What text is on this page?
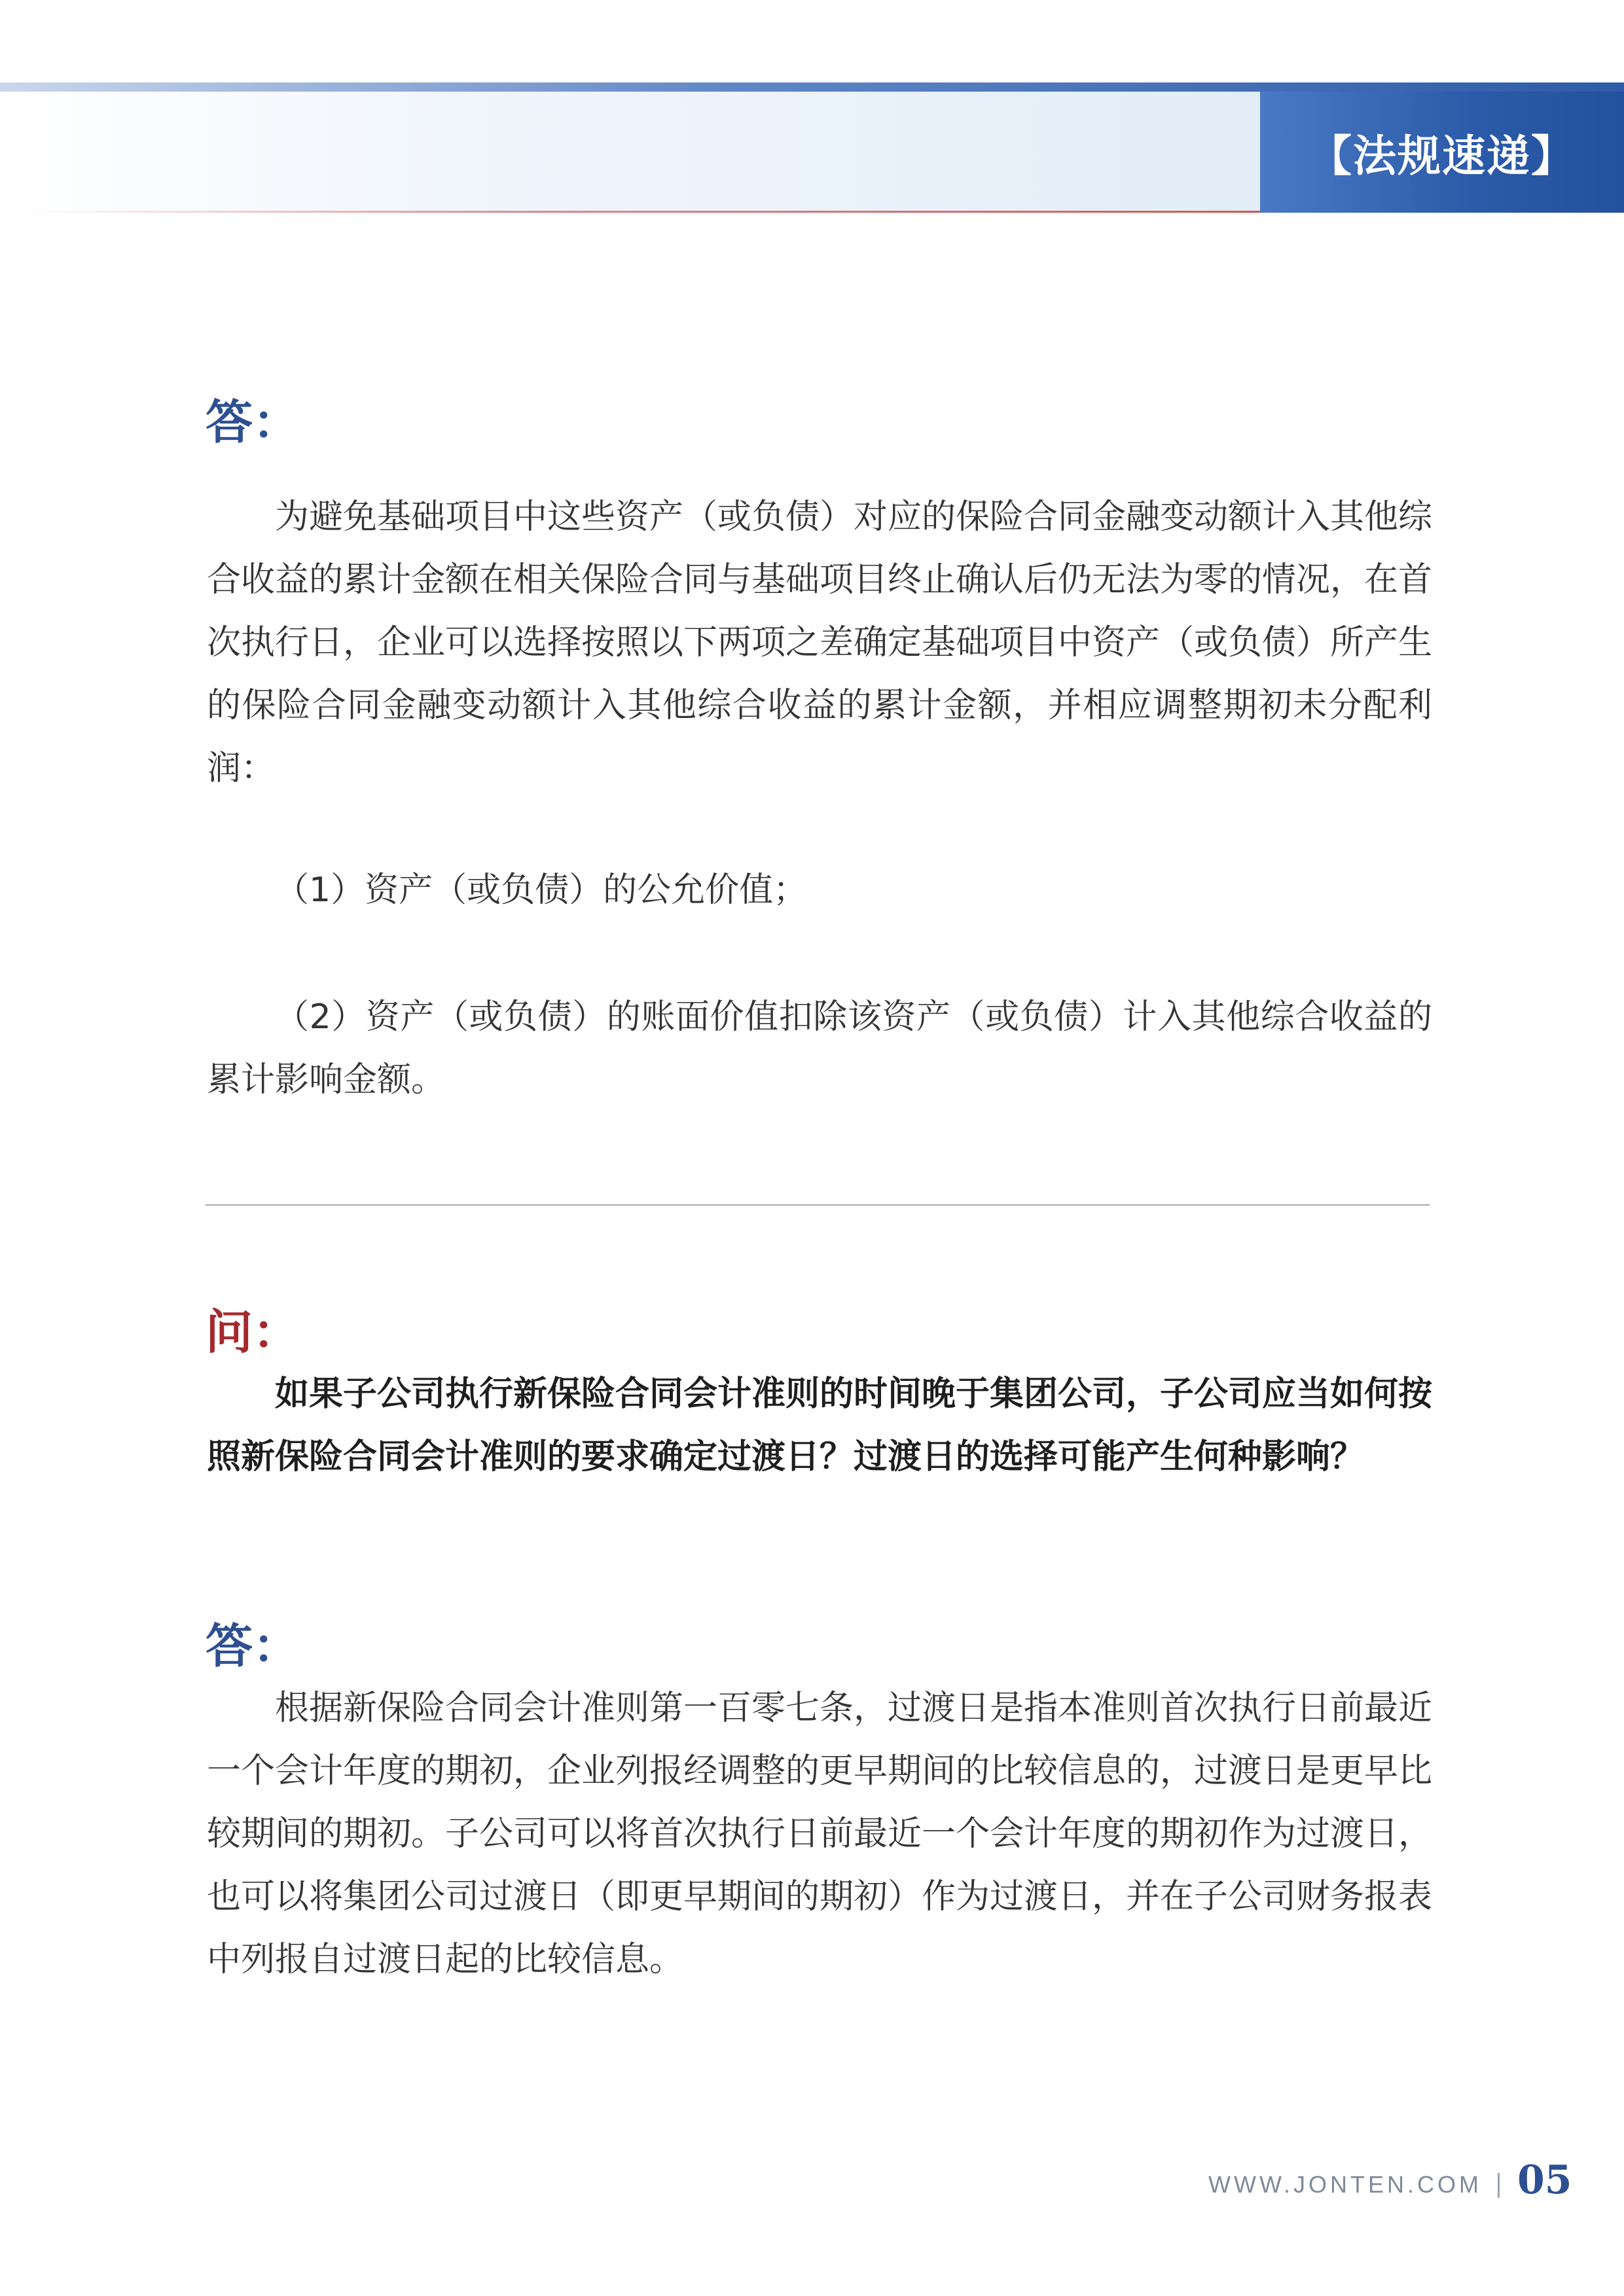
【法规速递】
答：

为避免基础项目中这些资产（或负债）对应的保险合同金融变动额计入其他综合收益的累计金额在相关保险合同与基础项目终止确认后仍无法为零的情况，在首次执行日，企业可以选择按照以下两项之差确定基础项目中资产（或负债）所产生的保险合同金融变动额计入其他综合收益的累计金额，并相应调整期初未分配利润：

（1）资产（或负债）的公允价值；

（2）资产（或负债）的账面价值扣除该资产（或负债）计入其他综合收益的累计影响金额。

问：

如果子公司执行新保险合同会计准则的时间晚于集团公司，子公司应当如何按照新保险合同会计准则的要求确定过渡日？过渡日的选择可能产生何种影响？

答：

根据新保险合同会计准则第一百零七条，过渡日是指本准则首次执行日前最近一个会计年度的期初，企业列报经调整的更早期间的比较信息的，过渡日是更早比较期间的期初。子公司可以将首次执行日前最近一个会计年度的期初作为过渡日，也可以将集团公司过渡日（即更早期间的期初）作为过渡日，并在子公司财务报表中列报自过渡日起的比较信息。

WWW.JONTEN.COM 05
